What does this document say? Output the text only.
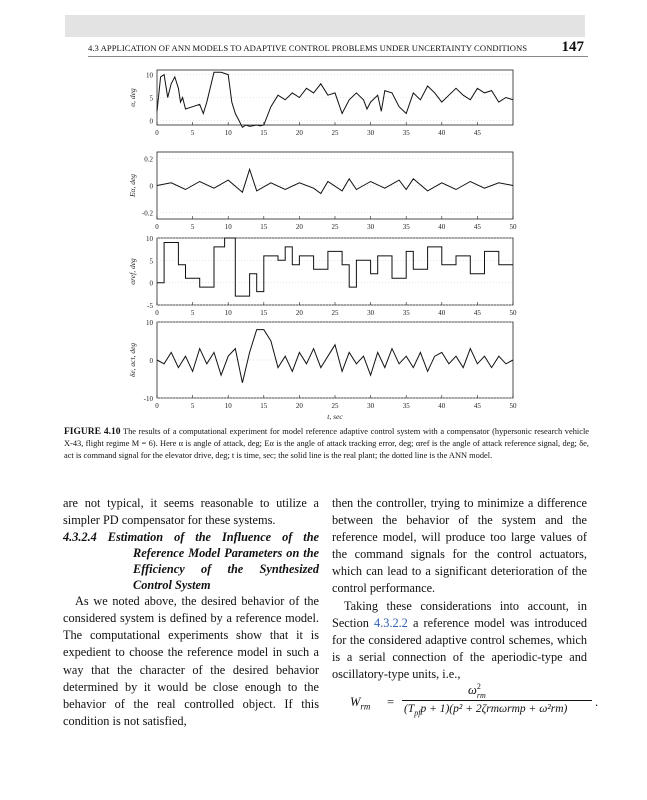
4.3 APPLICATION OF ANN MODELS TO ADAPTIVE CONTROL PROBLEMS UNDER UNCERTAINTY CONDITIONS 147
10
5
0
0	5	10	15	20	25	30	35	40	45
α, deg
0.2
0
-0.2
0	5	10	15	20	25	30	35	40	45	50
Eα, deg
10
5
0
-5
0	5	10	15	20	25	30	35	40	45	50
αref, deg
10
0
-10
0	5	10	15	20	25	30	35	40	45	50
δe, act, deg
t, sec
FIGURE 4.10 The results of a computational experiment for model reference adaptive control system with a compensator (hypersonic research vehicle X-43, flight regime M = 6). Here α is angle of attack, deg; Eα is the angle of attack tracking error, deg; αref is the angle of attack reference signal, deg; δe, act is command signal for the elevator drive, deg; t is time, sec; the solid line is the real plant; the dotted line is the ANN model.

are not typical, it seems reasonable to utilize a simpler PD compensator for these systems.

4.3.2.4 Estimation of the Influence of the Reference Model Parameters on the Efficiency of the Synthesized Control System

As we noted above, the desired behavior of the considered system is defined by a reference model. The computational experiments show that it is expedient to choose the reference model in such a way that the character of the desired behavior determined by it would be close enough to the behavior of the real controlled object. If this condition is not satisfied,

then the controller, trying to minimize a difference between the behavior of the system and the reference model, will produce too large values of the command signals for the control actuators, which can lead to a significant deterioration of the control performance.

Taking these considerations into account, in Section 4.3.2.2 a reference model was introduced for the considered adaptive control schemes, which is a serial connection of the aperiodic-type and oscillatory-type units, i.e.,

$W_{rm}$ =
$\omega^2_{rm}$
$(T_{pf}p + 1)(p^2 + 2\zeta rm\omega rmp + \omega^2rm)$ .
